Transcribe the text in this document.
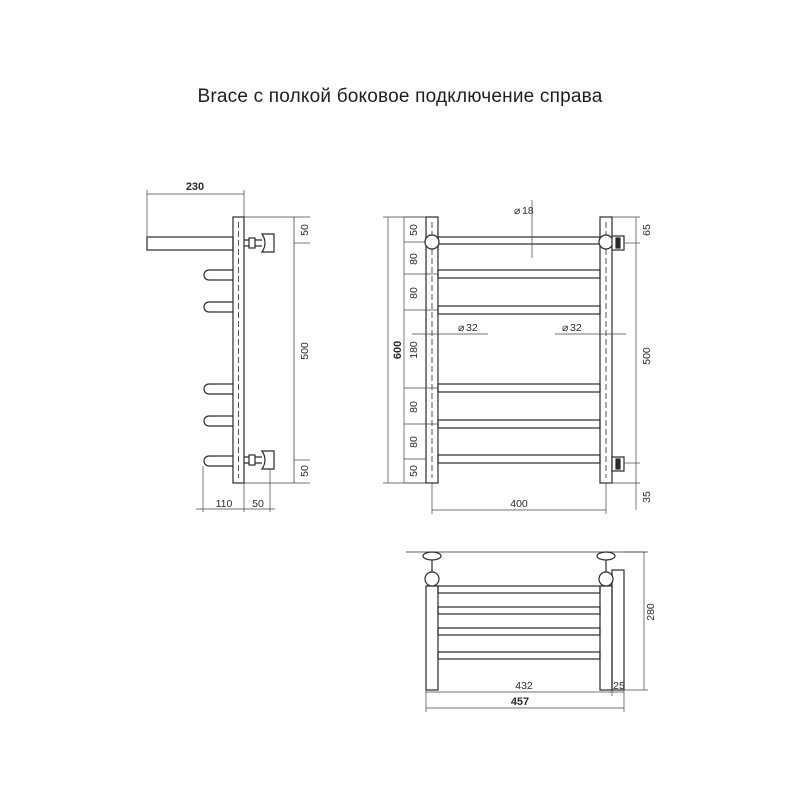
Brace с полкой боковое подключение справа
230
50
500
50
110 50
⌀ 18
⌀ 32	⌀ 32
50
80
80
180
80
80
50
600
65
500
35
400
280
432	25
457
